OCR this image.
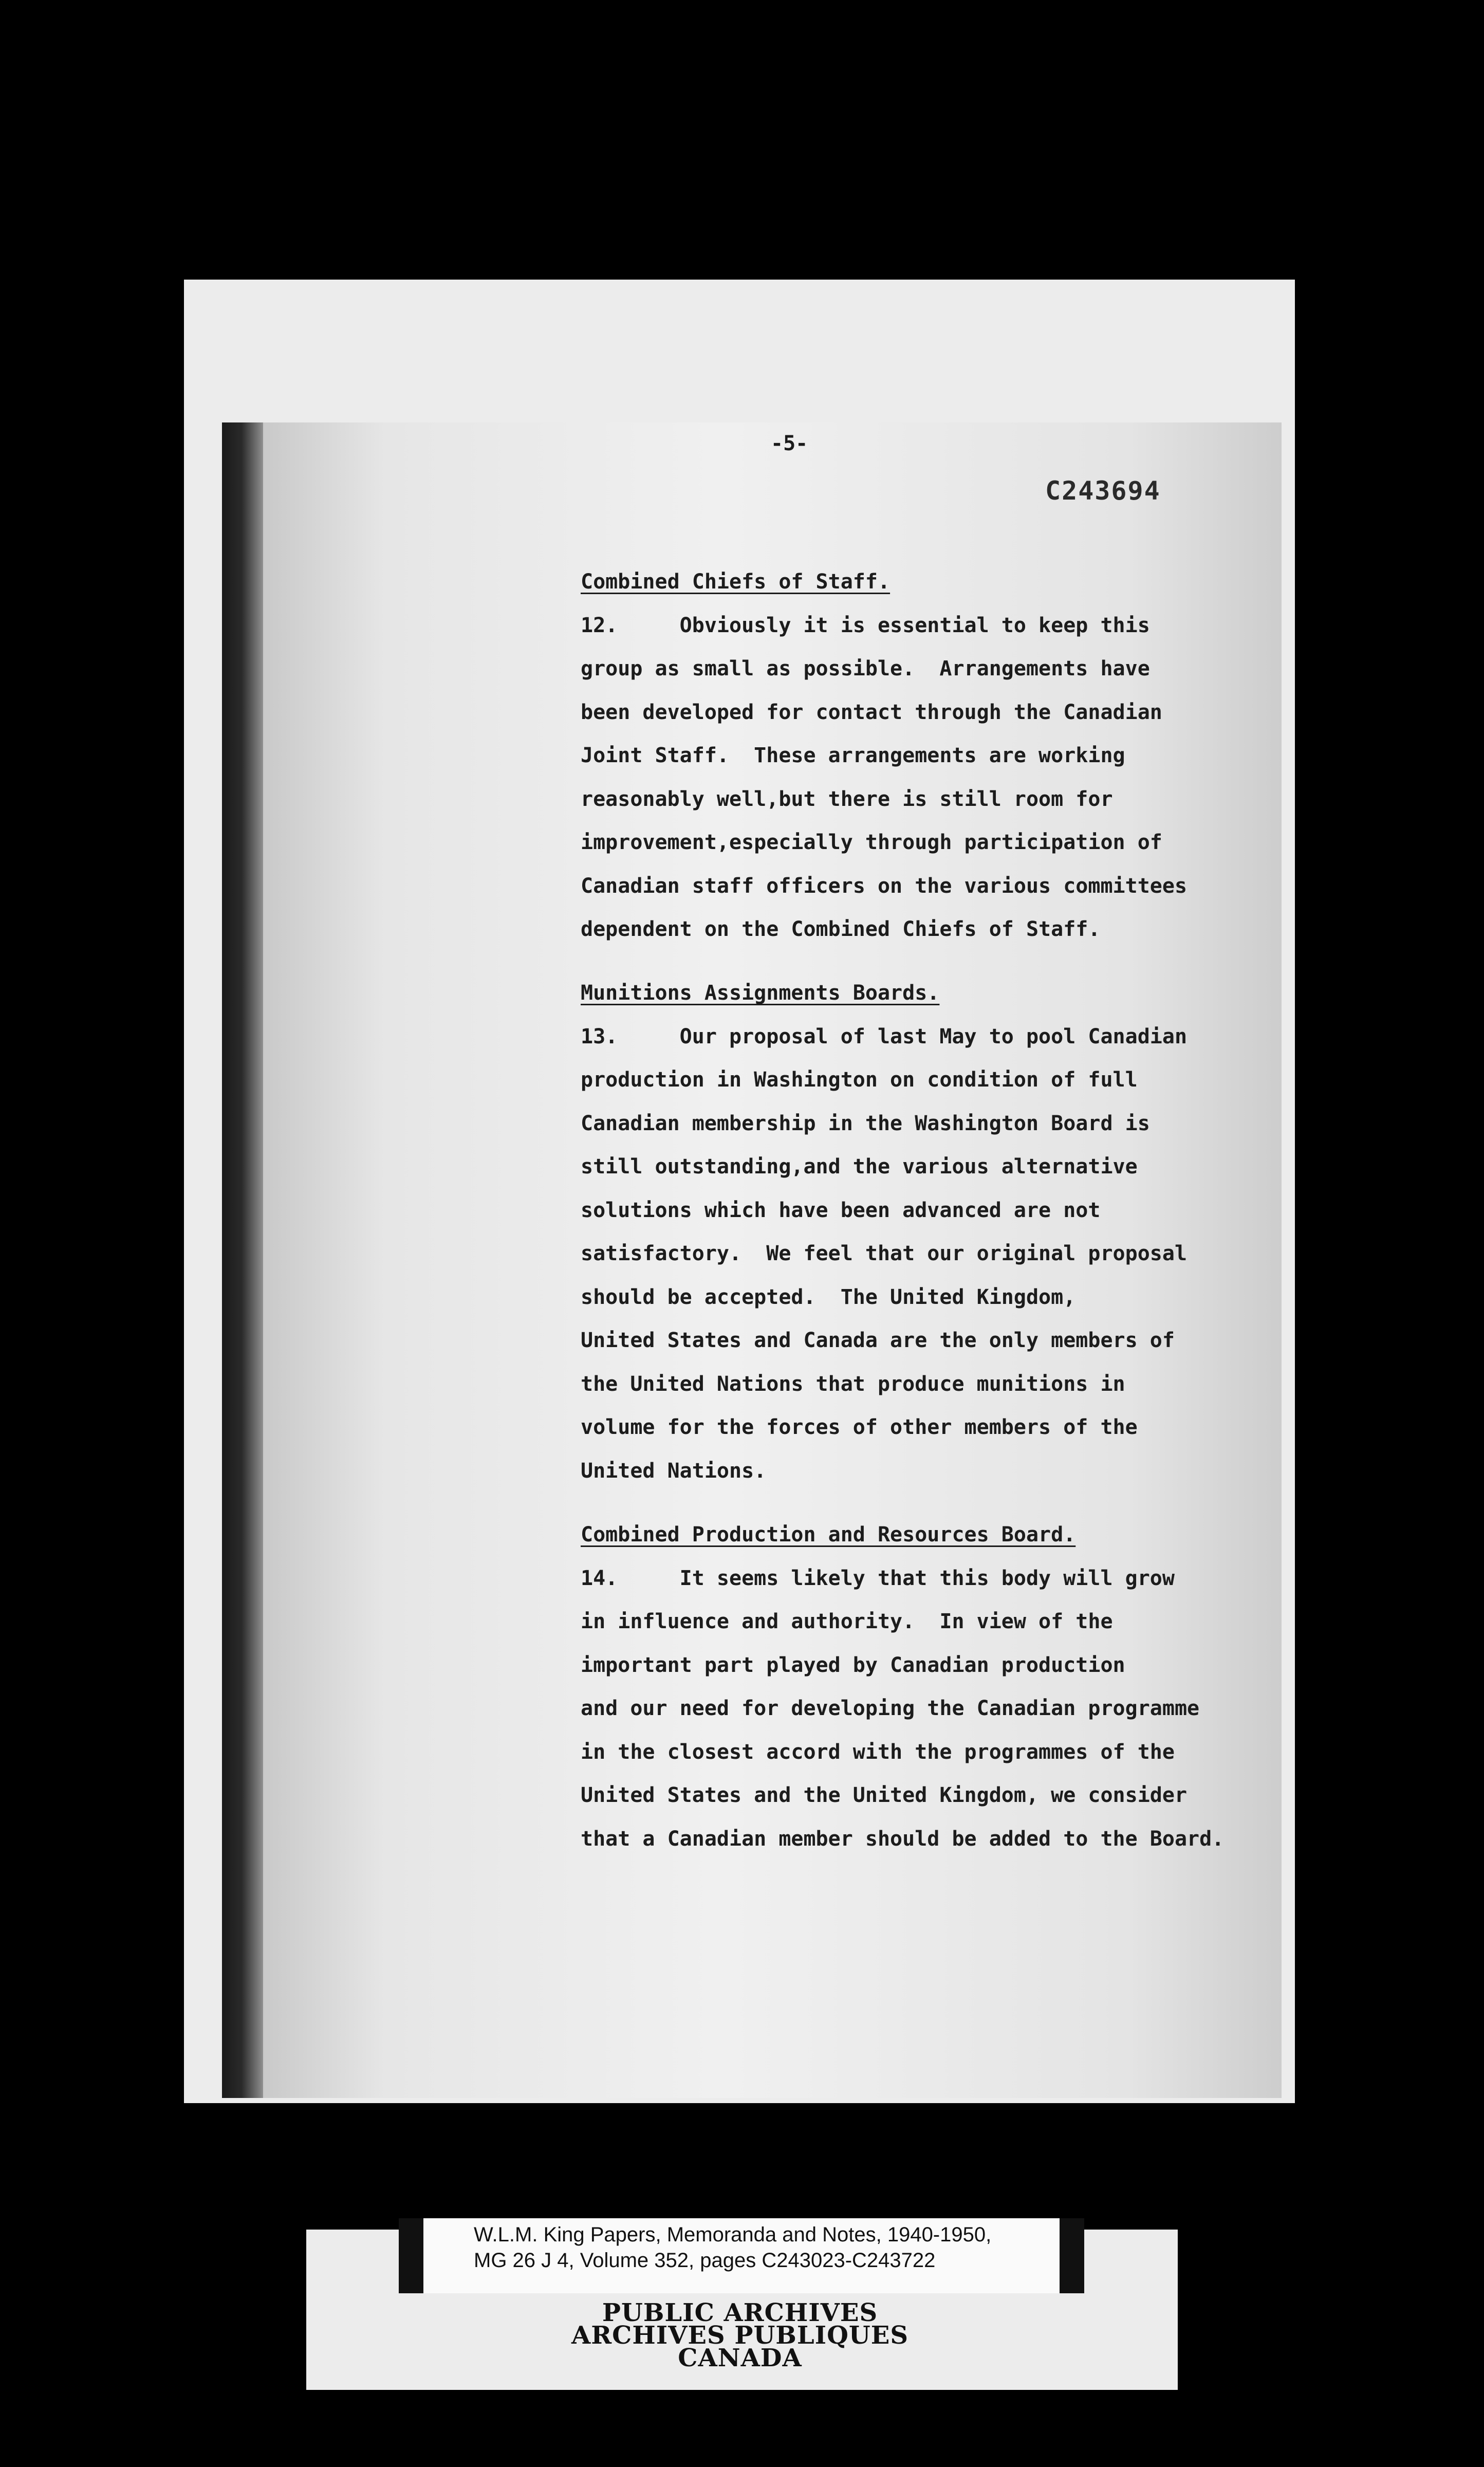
-5-
C243694
Combined Chiefs of Staff.
12.     Obviously it is essential to keep this
group as small as possible.  Arrangements have
been developed for contact through the Canadian
Joint Staff.  These arrangements are working
reasonably well,but there is still room for
improvement,especially through participation of
Canadian staff officers on the various committees
dependent on the Combined Chiefs of Staff.
Munitions Assignments Boards.
13.     Our proposal of last May to pool Canadian
production in Washington on condition of full
Canadian membership in the Washington Board is
still outstanding,and the various alternative
solutions which have been advanced are not
satisfactory.  We feel that our original proposal
should be accepted.  The United Kingdom,
United States and Canada are the only members of
the United Nations that produce munitions in
volume for the forces of other members of the
United Nations.
Combined Production and Resources Board.
14.     It seems likely that this body will grow
in influence and authority.  In view of the
important part played by Canadian production
and our need for developing the Canadian programme
in the closest accord with the programmes of the
United States and the United Kingdom, we consider
that a Canadian member should be added to the Board.
W.L.M. King Papers, Memoranda and Notes, 1940-1950,
MG 26 J 4, Volume 352, pages C243023-C243722
PUBLIC ARCHIVES
ARCHIVES PUBLIQUES
CANADA
